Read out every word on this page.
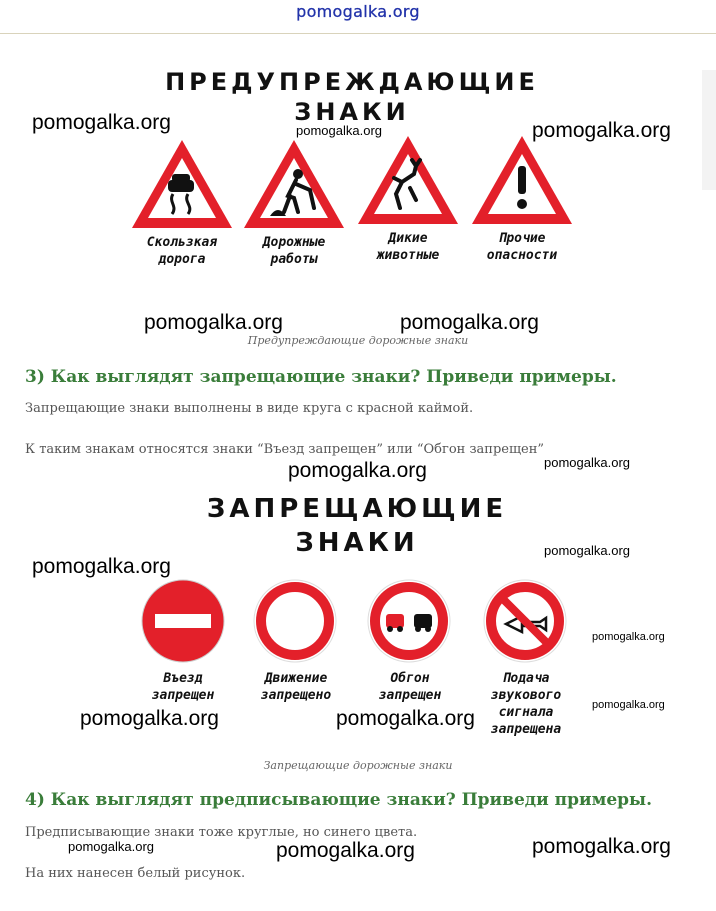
pomogalka.org
ПРЕДУПРЕЖДАЮЩИЕ
ЗНАКИ
Скользкая
дорога
Дорожные
работы
Дикие
животные
Прочие
опасности
Предупреждающие дорожные знаки
3) Как выглядят запрещающие знаки? Приведи примеры.
Запрещающие знаки выполнены в виде круга с красной каймой.
К таким знакам относятся знаки “Въезд запрещен” или “Обгон запрещен”
ЗАПРЕЩАЮЩИЕ
ЗНАКИ
Въезд
запрещен
Движение
запрещено
Обгон
запрещен
Подача
звукового
сигнала
запрещена
Запрещающие дорожные знаки
4) Как выглядят предписывающие знаки? Приведи примеры.
Предписывающие знаки тоже круглые, но синего цвета.
На них нанесен белый рисунок.
pomogalka.org	pomogalka.org	pomogalka.org
pomogalka.org	pomogalka.org
pomogalka.org	pomogalka.org
pomogalka.org
pomogalka.org
pomogalka.org
pomogalka.org
pomogalka.org	pomogalka.org
pomogalka.org	pomogalka.org	pomogalka.org
